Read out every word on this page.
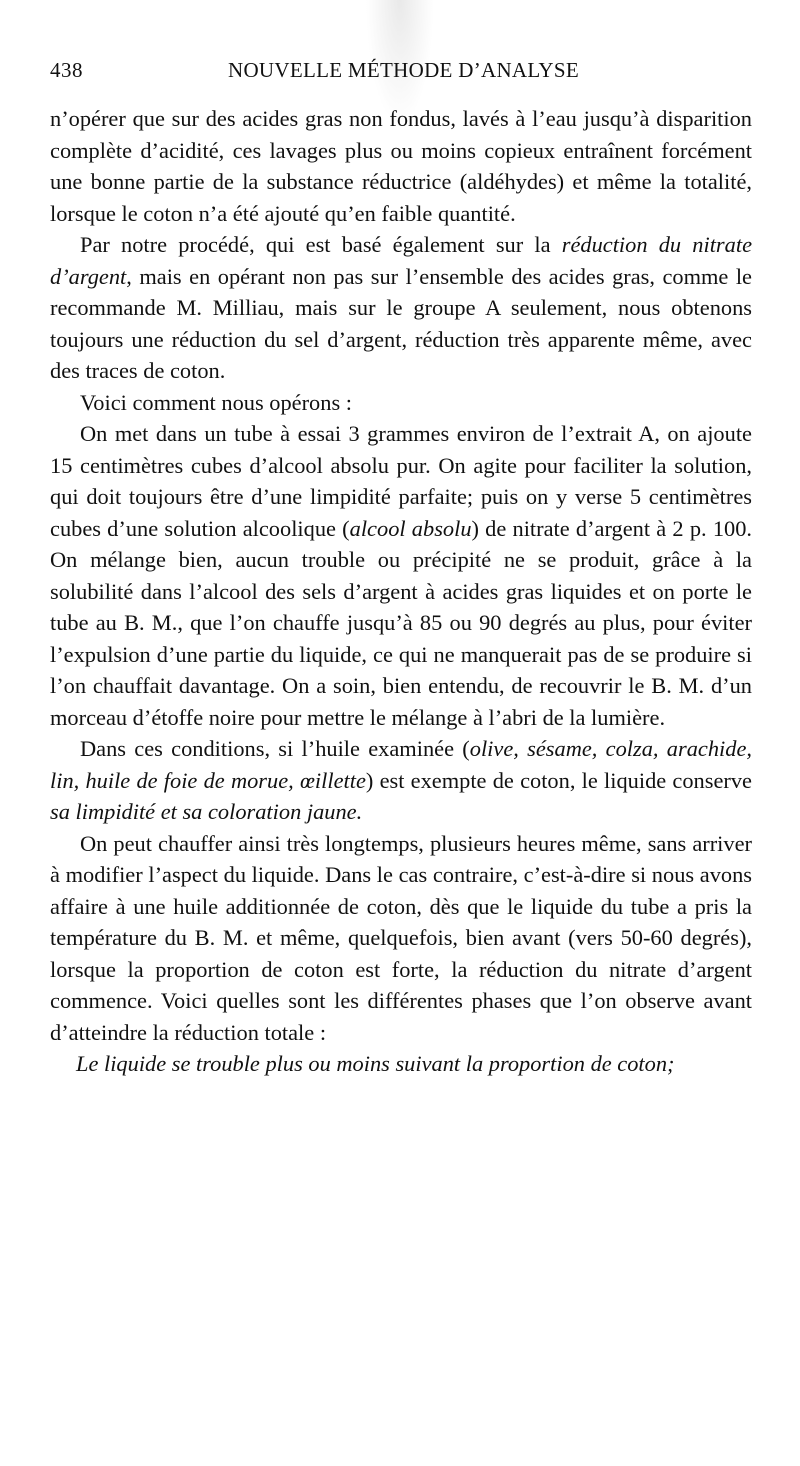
438	NOUVELLE MÉTHODE D’ANALYSE

n’opérer que sur des acides gras non fondus, lavés à l’eau jusqu’à disparition complète d’acidité, ces lavages plus ou moins copieux entraînent forcément une bonne partie de la substance réductrice (aldéhydes) et même la totalité, lorsque le coton n’a été ajouté qu’en faible quantité.

Par notre procédé, qui est basé également sur la réduction du nitrate d’argent, mais en opérant non pas sur l’ensemble des acides gras, comme le recommande M. Milliau, mais sur le groupe A seulement, nous obtenons toujours une réduction du sel d’argent, réduction très apparente même, avec des traces de coton.

Voici comment nous opérons :

On met dans un tube à essai 3 grammes environ de l’extrait A, on ajoute 15 centimètres cubes d’alcool absolu pur. On agite pour faciliter la solution, qui doit toujours être d’une limpidité parfaite; puis on y verse 5 centimètres cubes d’une solution alcoolique (alcool absolu) de nitrate d’argent à 2 p. 100. On mélange bien, aucun trouble ou précipité ne se produit, grâce à la solubilité dans l’alcool des sels d’argent à acides gras liquides et on porte le tube au B. M., que l’on chauffe jusqu’à 85 ou 90 degrés au plus, pour éviter l’expulsion d’une partie du liquide, ce qui ne manquerait pas de se produire si l’on chauffait davantage. On a soin, bien entendu, de recouvrir le B. M. d’un morceau d’étoffe noire pour mettre le mélange à l’abri de la lumière.

Dans ces conditions, si l’huile examinée (olive, sésame, colza, arachide, lin, huile de foie de morue, œillette) est exempte de coton, le liquide conserve sa limpidité et sa coloration jaune.

On peut chauffer ainsi très longtemps, plusieurs heures même, sans arriver à modifier l’aspect du liquide. Dans le cas contraire, c’est-à-dire si nous avons affaire à une huile additionnée de coton, dès que le liquide du tube a pris la température du B. M. et même, quelquefois, bien avant (vers 50-60 degrés), lorsque la proportion de coton est forte, la réduction du nitrate d’argent commence. Voici quelles sont les différentes phases que l’on observe avant d’atteindre la réduction totale :

Le liquide se trouble plus ou moins suivant la proportion de coton;
